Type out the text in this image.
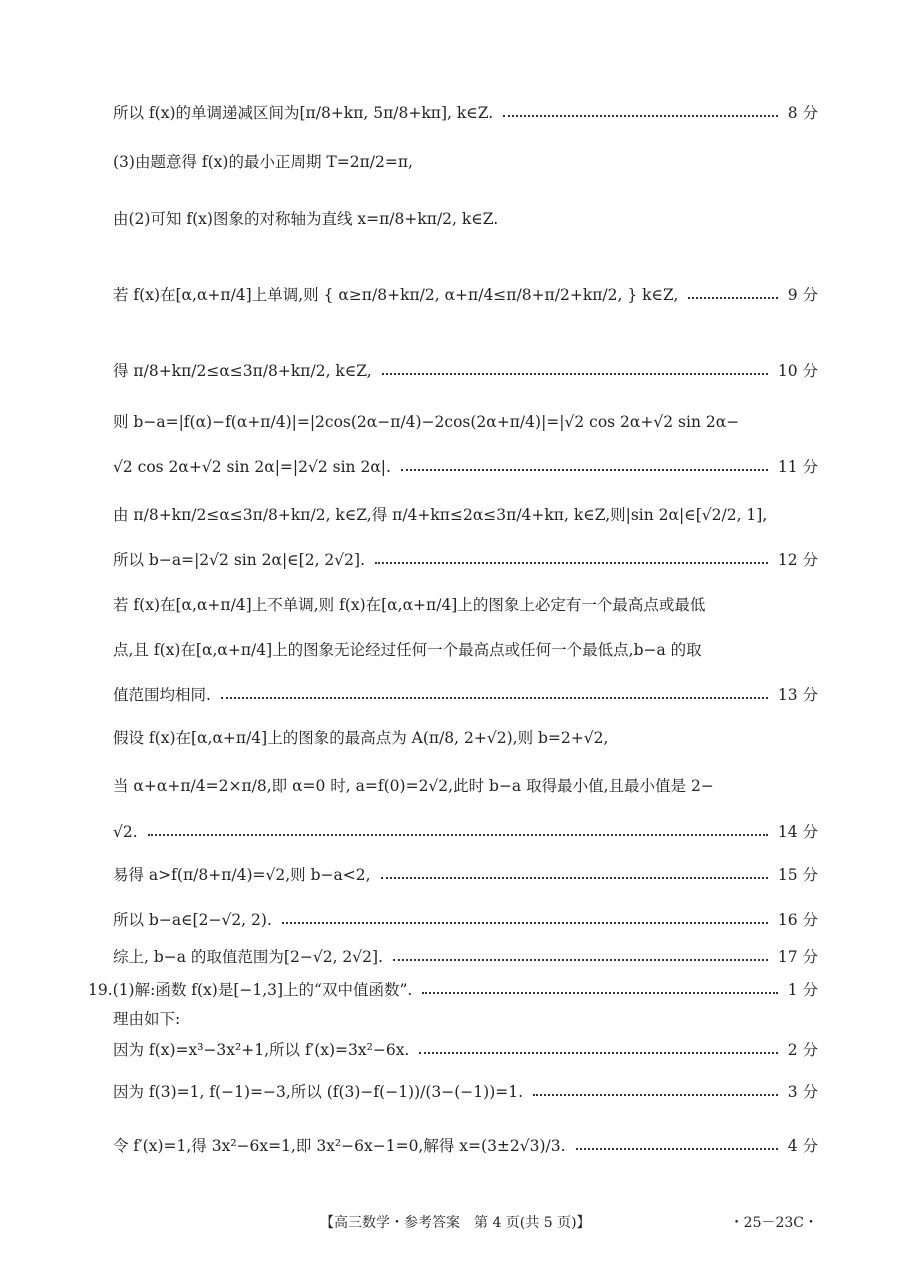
所以 f(x)的单调递减区间为[π/8+kπ, 5π/8+kπ], k∈Z.	8 分
(3)由题意得 f(x)的最小正周期 T=2π/2=π,
由(2)可知 f(x)图象的对称轴为直线 x=π/8+kπ/2, k∈Z.
若 f(x)在[α,α+π/4]上单调,则 { α≥π/8+kπ/2, α+π/4≤π/8+π/2+kπ/2, } k∈Z,	9 分
得 π/8+kπ/2≤α≤3π/8+kπ/2, k∈Z,	10 分
则 b−a=|f(α)−f(α+π/4)|=|2cos(2α−π/4)−2cos(2α+π/4)|=|√2 cos 2α+√2 sin 2α−
√2 cos 2α+√2 sin 2α|=|2√2 sin 2α|.	11 分
由 π/8+kπ/2≤α≤3π/8+kπ/2, k∈Z,得 π/4+kπ≤2α≤3π/4+kπ, k∈Z,则|sin 2α|∈[√2/2, 1],
所以 b−a=|2√2 sin 2α|∈[2, 2√2].	12 分
若 f(x)在[α,α+π/4]上不单调,则 f(x)在[α,α+π/4]上的图象上必定有一个最高点或最低
点,且 f(x)在[α,α+π/4]上的图象无论经过任何一个最高点或任何一个最低点,b−a 的取
值范围均相同.	13 分
假设 f(x)在[α,α+π/4]上的图象的最高点为 A(π/8, 2+√2),则 b=2+√2,
当 α+α+π/4=2×π/8,即 α=0 时, a=f(0)=2√2,此时 b−a 取得最小值,且最小值是 2−
√2.	14 分
易得 a>f(π/8+π/4)=√2,则 b−a<2,	15 分
所以 b−a∈[2−√2, 2).	16 分
综上, b−a 的取值范围为[2−√2, 2√2].	17 分
19.(1)解:函数 f(x)是[−1,3]上的“双中值函数”.	1 分
理由如下:
因为 f(x)=x³−3x²+1,所以 f′(x)=3x²−6x.	2 分
因为 f(3)=1, f(−1)=−3,所以 (f(3)−f(−1))/(3−(−1))=1.	3 分
令 f′(x)=1,得 3x²−6x=1,即 3x²−6x−1=0,解得 x=(3±2√3)/3.	4 分
【高三数学・参考答案　第 4 页(共 5 页)】	・25－23C・
